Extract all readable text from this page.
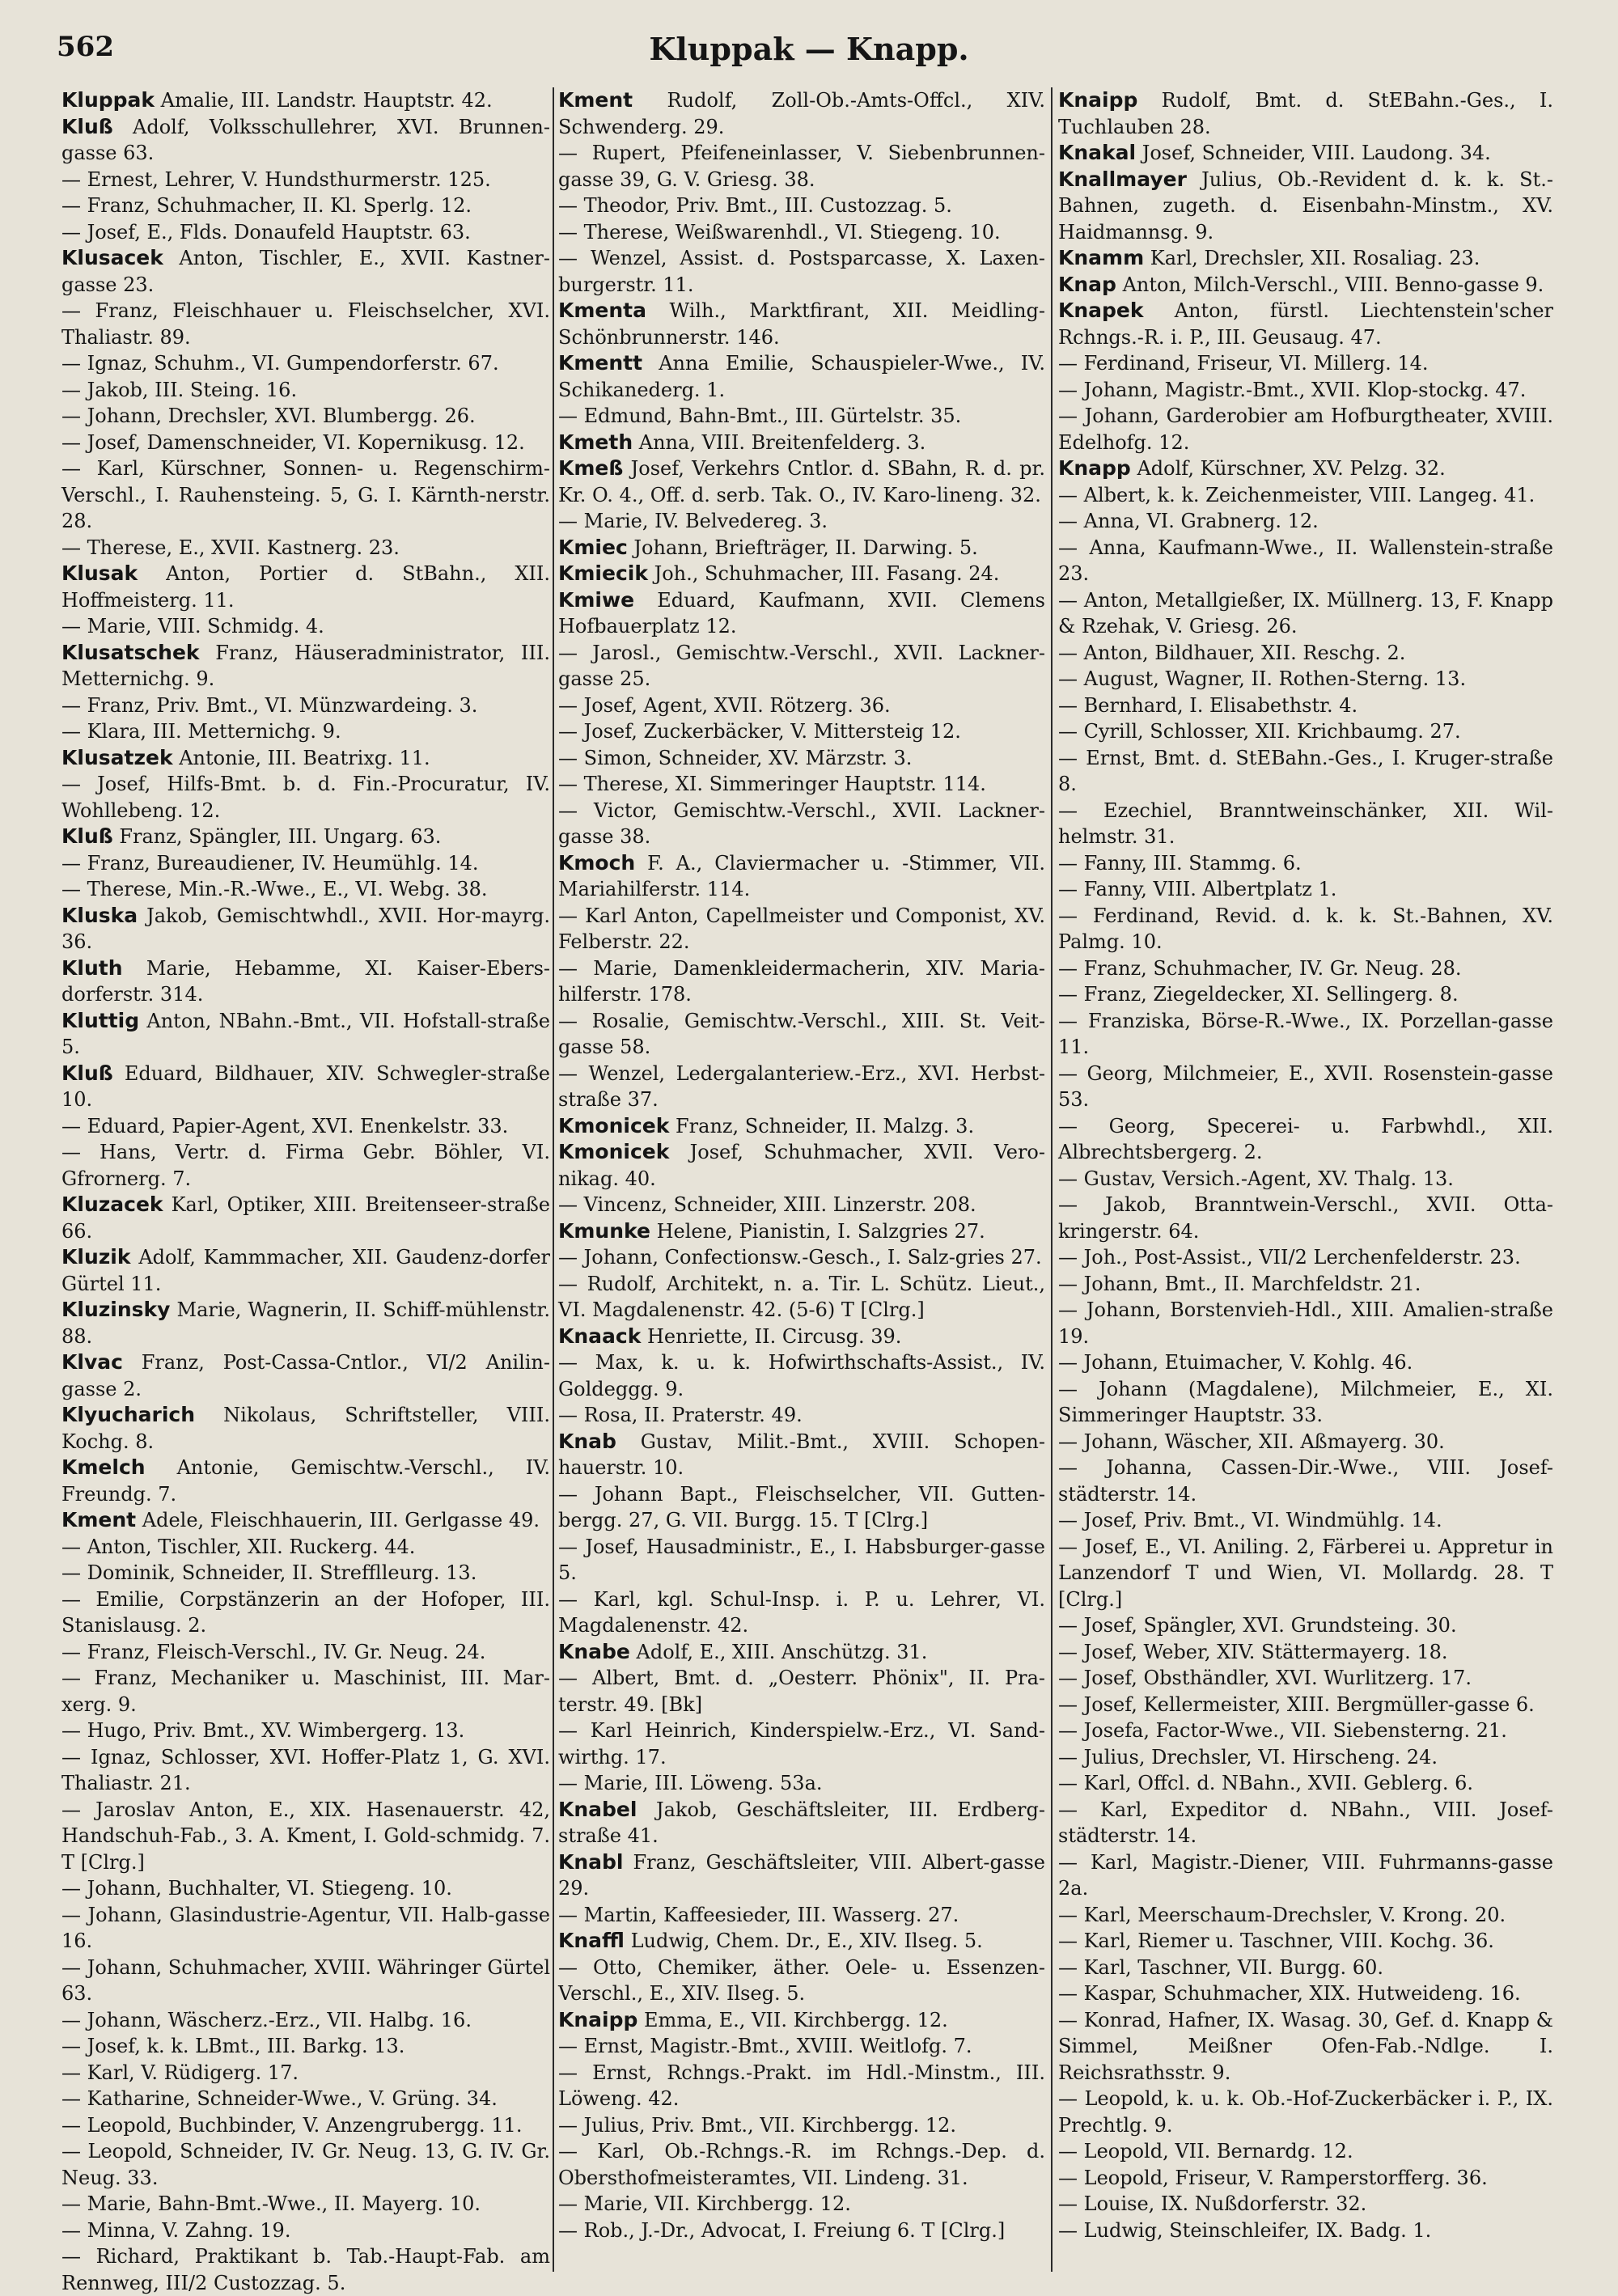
562	Kluppak — Knapp.

Kluppak Amalie, III. Landstr. Hauptstr. 42.

Kluß Adolf, Volksschullehrer, XVI. Brunnen-gasse 63.

— Ernest, Lehrer, V. Hundsthurmerstr. 125.

— Franz, Schuhmacher, II. Kl. Sperlg. 12.

— Josef, E., Flds. Donaufeld Hauptstr. 63.

Klusacek Anton, Tischler, E., XVII. Kastner-gasse 23.

— Franz, Fleischhauer u. Fleischselcher, XVI. Thaliastr. 89.

— Ignaz, Schuhm., VI. Gumpendorferstr. 67.

— Jakob, III. Steing. 16.

— Johann, Drechsler, XVI. Blumbergg. 26.

— Josef, Damenschneider, VI. Kopernikusg. 12.

— Karl, Kürschner, Sonnen- u. Regenschirm-Verschl., I. Rauhensteing. 5, G. I. Kärnth-nerstr. 28.

— Therese, E., XVII. Kastnerg. 23.

Klusak Anton, Portier d. StBahn., XII. Hoffmeisterg. 11.

— Marie, VIII. Schmidg. 4.

Klusatschek Franz, Häuseradministrator, III. Metternichg. 9.

— Franz, Priv. Bmt., VI. Münzwardeing. 3.

— Klara, III. Metternichg. 9.

Klusatzek Antonie, III. Beatrixg. 11.

— Josef, Hilfs-Bmt. b. d. Fin.-Procuratur, IV. Wohllebeng. 12.

Kluß Franz, Spängler, III. Ungarg. 63.

— Franz, Bureaudiener, IV. Heumühlg. 14.

— Therese, Min.-R.-Wwe., E., VI. Webg. 38.

Kluska Jakob, Gemischtwhdl., XVII. Hor-mayrg. 36.

Kluth Marie, Hebamme, XI. Kaiser-Ebers-dorferstr. 314.

Kluttig Anton, NBahn.-Bmt., VII. Hofstall-straße 5.

Kluß Eduard, Bildhauer, XIV. Schwegler-straße 10.

— Eduard, Papier-Agent, XVI. Enenkelstr. 33.

— Hans, Vertr. d. Firma Gebr. Böhler, VI. Gfrornerg. 7.

Kluzacek Karl, Optiker, XIII. Breitenseer-straße 66.

Kluzik Adolf, Kammmacher, XII. Gaudenz-dorfer Gürtel 11.

Kluzinsky Marie, Wagnerin, II. Schiff-mühlenstr. 88.

Klvac Franz, Post-Cassa-Cntlor., VI/2 Anilin-gasse 2.

Klyucharich Nikolaus, Schriftsteller, VIII. Kochg. 8.

Kmelch Antonie, Gemischtw.-Verschl., IV. Freundg. 7.

Kment Adele, Fleischhauerin, III. Gerlgasse 49.

— Anton, Tischler, XII. Ruckerg. 44.

— Dominik, Schneider, II. Strefflleurg. 13.

— Emilie, Corpstänzerin an der Hofoper, III. Stanislausg. 2.

— Franz, Fleisch-Verschl., IV. Gr. Neug. 24.

— Franz, Mechaniker u. Maschinist, III. Mar-xerg. 9.

— Hugo, Priv. Bmt., XV. Wimbergerg. 13.

— Ignaz, Schlosser, XVI. Hoffer-Platz 1, G. XVI. Thaliastr. 21.

— Jaroslav Anton, E., XIX. Hasenauerstr. 42, Handschuh-Fab., 3. A. Kment, I. Gold-schmidg. 7. T [Clrg.]

— Johann, Buchhalter, VI. Stiegeng. 10.

— Johann, Glasindustrie-Agentur, VII. Halb-gasse 16.

— Johann, Schuhmacher, XVIII. Währinger Gürtel 63.

— Johann, Wäscherz.-Erz., VII. Halbg. 16.

— Josef, k. k. LBmt., III. Barkg. 13.

— Karl, V. Rüdigerg. 17.

— Katharine, Schneider-Wwe., V. Grüng. 34.

— Leopold, Buchbinder, V. Anzengrubergg. 11.

— Leopold, Schneider, IV. Gr. Neug. 13, G. IV. Gr. Neug. 33.

— Marie, Bahn-Bmt.-Wwe., II. Mayerg. 10.

— Minna, V. Zahng. 19.

— Richard, Praktikant b. Tab.-Haupt-Fab. am Rennweg, III/2 Custozzag. 5.

Kment Rudolf, Zoll-Ob.-Amts-Offcl., XIV. Schwenderg. 29.

— Rupert, Pfeifeneinlasser, V. Siebenbrunnen-gasse 39, G. V. Griesg. 38.

— Theodor, Priv. Bmt., III. Custozzag. 5.

— Therese, Weißwarenhdl., VI. Stiegeng. 10.

— Wenzel, Assist. d. Postsparcasse, X. Laxen-burgerstr. 11.

Kmenta Wilh., Marktfirant, XII. Meidling-Schönbrunnerstr. 146.

Kmentt Anna Emilie, Schauspieler-Wwe., IV. Schikanederg. 1.

— Edmund, Bahn-Bmt., III. Gürtelstr. 35.

Kmeth Anna, VIII. Breitenfelderg. 3.

Kmeß Josef, Verkehrs Cntlor. d. SBahn, R. d. pr. Kr. O. 4., Off. d. serb. Tak. O., IV. Karo-lineng. 32.

— Marie, IV. Belvedereg. 3.

Kmiec Johann, Briefträger, II. Darwing. 5.

Kmiecik Joh., Schuhmacher, III. Fasang. 24.

Kmiwe Eduard, Kaufmann, XVII. Clemens Hofbauerplatz 12.

— Jarosl., Gemischtw.-Verschl., XVII. Lackner-gasse 25.

— Josef, Agent, XVII. Rötzerg. 36.

— Josef, Zuckerbäcker, V. Mittersteig 12.

— Simon, Schneider, XV. Märzstr. 3.

— Therese, XI. Simmeringer Hauptstr. 114.

— Victor, Gemischtw.-Verschl., XVII. Lackner-gasse 38.

Kmoch F. A., Claviermacher u. -Stimmer, VII. Mariahilferstr. 114.

— Karl Anton, Capellmeister und Componist, XV. Felberstr. 22.

— Marie, Damenkleidermacherin, XIV. Maria-hilferstr. 178.

— Rosalie, Gemischtw.-Verschl., XIII. St. Veit-gasse 58.

— Wenzel, Ledergalanteriew.-Erz., XVI. Herbst-straße 37.

Kmonicek Franz, Schneider, II. Malzg. 3.

Kmonicek Josef, Schuhmacher, XVII. Vero-nikag. 40.

— Vincenz, Schneider, XIII. Linzerstr. 208.

Kmunke Helene, Pianistin, I. Salzgries 27.

— Johann, Confectionsw.-Gesch., I. Salz-gries 27.

— Rudolf, Architekt, n. a. Tir. L. Schütz. Lieut., VI. Magdalenenstr. 42. (5-6) T [Clrg.]

Knaack Henriette, II. Circusg. 39.

— Max, k. u. k. Hofwirthschafts-Assist., IV. Goldeggg. 9.

— Rosa, II. Praterstr. 49.

Knab Gustav, Milit.-Bmt., XVIII. Schopen-hauerstr. 10.

— Johann Bapt., Fleischselcher, VII. Gutten-bergg. 27, G. VII. Burgg. 15. T [Clrg.]

— Josef, Hausadministr., E., I. Habsburger-gasse 5.

— Karl, kgl. Schul-Insp. i. P. u. Lehrer, VI. Magdalenenstr. 42.

Knabe Adolf, E., XIII. Anschützg. 31.

— Albert, Bmt. d. „Oesterr. Phönix", II. Pra-terstr. 49. [Bk]

— Karl Heinrich, Kinderspielw.-Erz., VI. Sand-wirthg. 17.

— Marie, III. Löweng. 53a.

Knabel Jakob, Geschäftsleiter, III. Erdberg-straße 41.

Knabl Franz, Geschäftsleiter, VIII. Albert-gasse 29.

— Martin, Kaffeesieder, III. Wasserg. 27.

Knaffl Ludwig, Chem. Dr., E., XIV. Ilseg. 5.

— Otto, Chemiker, äther. Oele- u. Essenzen-Verschl., E., XIV. Ilseg. 5.

Knaipp Emma, E., VII. Kirchbergg. 12.

— Ernst, Magistr.-Bmt., XVIII. Weitlofg. 7.

— Ernst, Rchngs.-Prakt. im Hdl.-Minstm., III. Löweng. 42.

— Julius, Priv. Bmt., VII. Kirchbergg. 12.

— Karl, Ob.-Rchngs.-R. im Rchngs.-Dep. d. Obersthofmeisteramtes, VII. Lindeng. 31.

— Marie, VII. Kirchbergg. 12.

— Rob., J.-Dr., Advocat, I. Freiung 6. T [Clrg.]

Knaipp Rudolf, Bmt. d. StEBahn.-Ges., I. Tuchlauben 28.

Knakal Josef, Schneider, VIII. Laudong. 34.

Knallmayer Julius, Ob.-Revident d. k. k. St.-Bahnen, zugeth. d. Eisenbahn-Minstm., XV. Haidmannsg. 9.

Knamm Karl, Drechsler, XII. Rosaliag. 23.

Knap Anton, Milch-Verschl., VIII. Benno-gasse 9.

Knapek Anton, fürstl. Liechtenstein'scher Rchngs.-R. i. P., III. Geusaug. 47.

— Ferdinand, Friseur, VI. Millerg. 14.

— Johann, Magistr.-Bmt., XVII. Klop-stockg. 47.

— Johann, Garderobier am Hofburgtheater, XVIII. Edelhofg. 12.

Knapp Adolf, Kürschner, XV. Pelzg. 32.

— Albert, k. k. Zeichenmeister, VIII. Langeg. 41.

— Anna, VI. Grabnerg. 12.

— Anna, Kaufmann-Wwe., II. Wallenstein-straße 23.

— Anton, Metallgießer, IX. Müllnerg. 13, F. Knapp & Rzehak, V. Griesg. 26.

— Anton, Bildhauer, XII. Reschg. 2.

— August, Wagner, II. Rothen-Sterng. 13.

— Bernhard, I. Elisabethstr. 4.

— Cyrill, Schlosser, XII. Krichbaumg. 27.

— Ernst, Bmt. d. StEBahn.-Ges., I. Kruger-straße 8.

— Ezechiel, Branntweinschänker, XII. Wil-helmstr. 31.

— Fanny, III. Stammg. 6.

— Fanny, VIII. Albertplatz 1.

— Ferdinand, Revid. d. k. k. St.-Bahnen, XV. Palmg. 10.

— Franz, Schuhmacher, IV. Gr. Neug. 28.

— Franz, Ziegeldecker, XI. Sellingerg. 8.

— Franziska, Börse-R.-Wwe., IX. Porzellan-gasse 11.

— Georg, Milchmeier, E., XVII. Rosenstein-gasse 53.

— Georg, Specerei- u. Farbwhdl., XII. Albrechtsbergerg. 2.

— Gustav, Versich.-Agent, XV. Thalg. 13.

— Jakob, Branntwein-Verschl., XVII. Otta-kringerstr. 64.

— Joh., Post-Assist., VII/2 Lerchenfelderstr. 23.

— Johann, Bmt., II. Marchfeldstr. 21.

— Johann, Borstenvieh-Hdl., XIII. Amalien-straße 19.

— Johann, Etuimacher, V. Kohlg. 46.

— Johann (Magdalene), Milchmeier, E., XI. Simmeringer Hauptstr. 33.

— Johann, Wäscher, XII. Aßmayerg. 30.

— Johanna, Cassen-Dir.-Wwe., VIII. Josef-städterstr. 14.

— Josef, Priv. Bmt., VI. Windmühlg. 14.

— Josef, E., VI. Aniling. 2, Färberei u. Appretur in Lanzendorf T und Wien, VI. Mollardg. 28. T [Clrg.]

— Josef, Spängler, XVI. Grundsteing. 30.

— Josef, Weber, XIV. Stättermayerg. 18.

— Josef, Obsthändler, XVI. Wurlitzerg. 17.

— Josef, Kellermeister, XIII. Bergmüller-gasse 6.

— Josefa, Factor-Wwe., VII. Siebensterng. 21.

— Julius, Drechsler, VI. Hirscheng. 24.

— Karl, Offcl. d. NBahn., XVII. Geblerg. 6.

— Karl, Expeditor d. NBahn., VIII. Josef-städterstr. 14.

— Karl, Magistr.-Diener, VIII. Fuhrmanns-gasse 2a.

— Karl, Meerschaum-Drechsler, V. Krong. 20.

— Karl, Riemer u. Taschner, VIII. Kochg. 36.

— Karl, Taschner, VII. Burgg. 60.

— Kaspar, Schuhmacher, XIX. Hutweideng. 16.

— Konrad, Hafner, IX. Wasag. 30, Gef. d. Knapp & Simmel, Meißner Ofen-Fab.-Ndlge. I. Reichsrathsstr. 9.

— Leopold, k. u. k. Ob.-Hof-Zuckerbäcker i. P., IX. Prechtlg. 9.

— Leopold, VII. Bernardg. 12.

— Leopold, Friseur, V. Ramperstorfferg. 36.

— Louise, IX. Nußdorferstr. 32.

— Ludwig, Steinschleifer, IX. Badg. 1.
